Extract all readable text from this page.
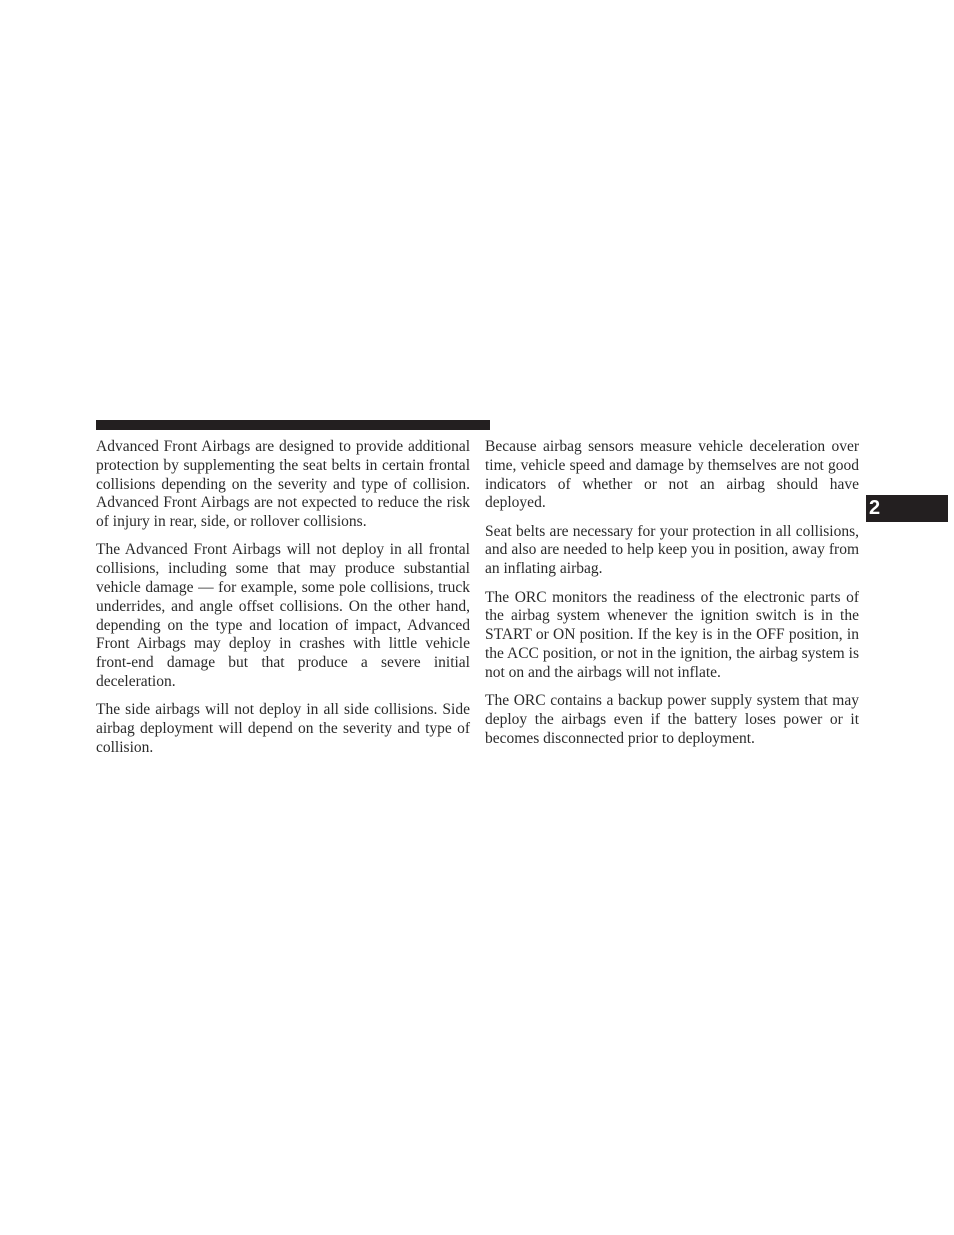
Advanced Front Airbags are designed to provide additional protection by supplementing the seat belts in certain frontal collisions depending on the severity and type of collision. Advanced Front Airbags are not expected to reduce the risk of injury in rear, side, or rollover collisions.

The Advanced Front Airbags will not deploy in all frontal collisions, including some that may produce substantial vehicle damage — for example, some pole collisions, truck underrides, and angle offset collisions. On the other hand, depending on the type and location of impact, Advanced Front Airbags may deploy in crashes with little vehicle front-end damage but that produce a severe initial deceleration.

The side airbags will not deploy in all side collisions. Side airbag deployment will depend on the severity and type of collision.

Because airbag sensors measure vehicle deceleration over time, vehicle speed and damage by themselves are not good indicators of whether or not an airbag should have deployed.

Seat belts are necessary for your protection in all collisions, and also are needed to help keep you in position, away from an inflating airbag.

The ORC monitors the readiness of the electronic parts of the airbag system whenever the ignition switch is in the START or ON position. If the key is in the OFF position, in the ACC position, or not in the ignition, the airbag system is not on and the airbags will not inflate.

The ORC contains a backup power supply system that may deploy the airbags even if the battery loses power or it becomes disconnected prior to deployment.

2
